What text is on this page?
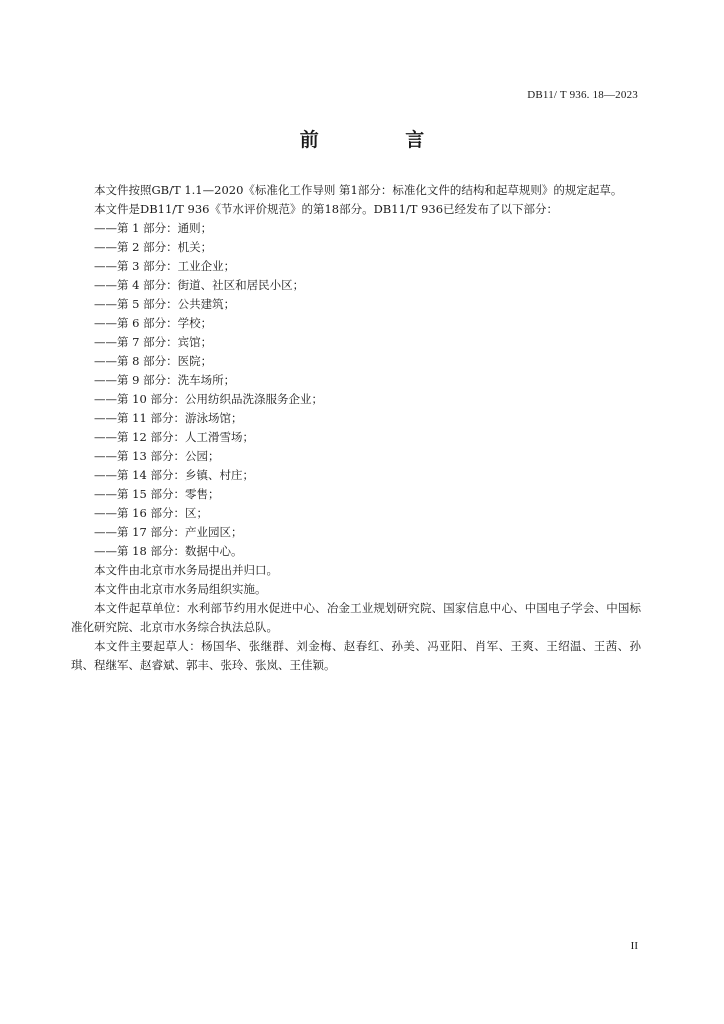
DB11/ T 936. 18—2023
前 言

本文件按照GB/T 1.1—2020《标准化工作导则 第1部分：标准化文件的结构和起草规则》的规定起草。

本文件是DB11/T 936《节水评价规范》的第18部分。DB11/T 936已经发布了以下部分：

——第 1 部分：通则；
——第 2 部分：机关；
——第 3 部分：工业企业；
——第 4 部分：街道、社区和居民小区；
——第 5 部分：公共建筑；
——第 6 部分：学校；
——第 7 部分：宾馆；
——第 8 部分：医院；
——第 9 部分：洗车场所；
——第 10 部分：公用纺织品洗涤服务企业；
——第 11 部分：游泳场馆；
——第 12 部分：人工滑雪场；
——第 13 部分：公园；
——第 14 部分：乡镇、村庄；
——第 15 部分：零售；
——第 16 部分：区；
——第 17 部分：产业园区；
——第 18 部分：数据中心。

本文件由北京市水务局提出并归口。

本文件由北京市水务局组织实施。

本文件起草单位：水利部节约用水促进中心、冶金工业规划研究院、国家信息中心、中国电子学会、中国标准化研究院、北京市水务综合执法总队。

本文件主要起草人：杨国华、张继群、刘金梅、赵春红、孙美、冯亚阳、肖军、王爽、王绍温、王茜、孙琪、程继军、赵睿斌、郭丰、张玲、张岚、王佳颖。

II
